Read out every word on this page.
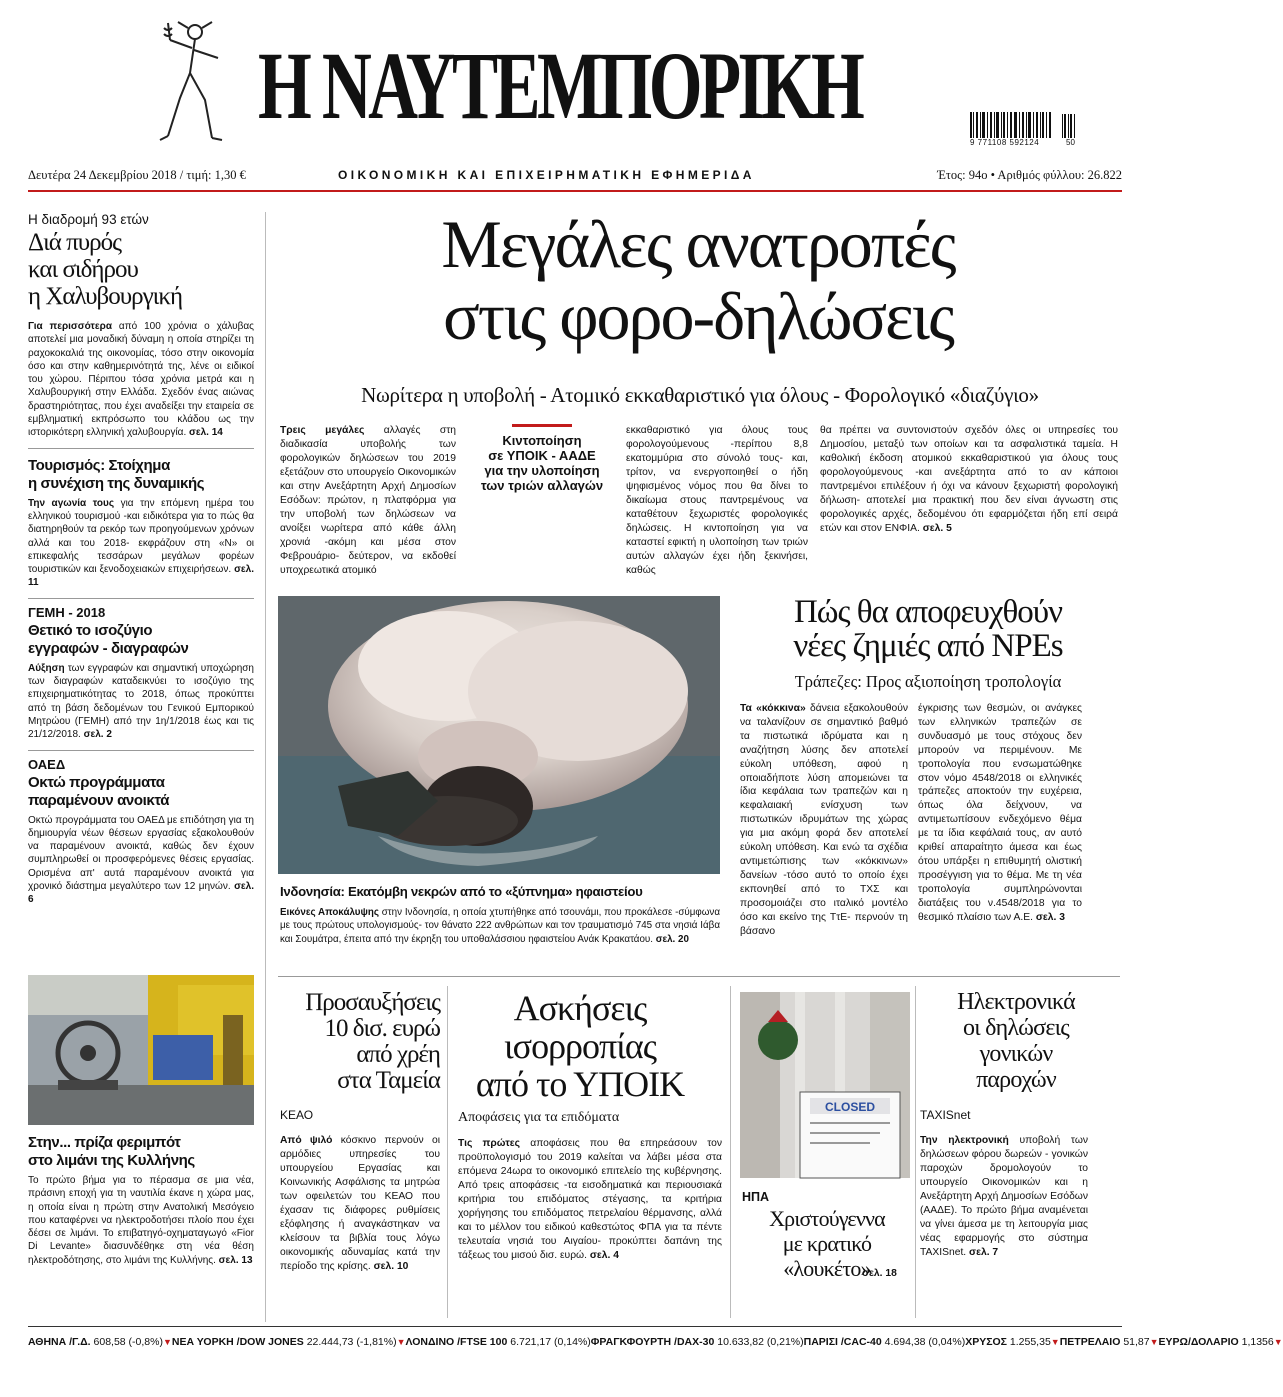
Η ΝΑΥΤΕΜΠΟΡΙΚΗ
9 771108 592124	50
Δευτέρα 24 Δεκεμβρίου 2018 / τιμή: 1,30 €	ΟΙΚΟΝΟΜΙΚΗ ΚΑΙ ΕΠΙΧΕΙΡΗΜΑΤΙΚΗ ΕΦΗΜΕΡΙΔΑ	Έτος: 94ο • Αριθμός φύλλου: 26.822
Η διαδρομή 93 ετών
Διά πυρός
και σιδήρου
η Χαλυβουργική
Για περισσότερα από 100 χρόνια ο χάλυβας αποτελεί μια μοναδική δύναμη η οποία στηρίζει τη ραχοκοκαλιά της οικονομίας, τόσο στην οικονομία όσο και στην καθημερινότητά της, λένε οι ειδικοί του χώρου. Πέριπου τόσα χρόνια μετρά και η Χαλυβουργική στην Ελλάδα. Σχεδόν ένας αιώνας δραστηριότητας, που έχει αναδείξει την εταιρεία σε εμβληματική εκπρόσωπο του κλάδου ως την ιστορικότερη ελληνική χαλυβουργία. σελ. 14
Τουρισμός: Στοίχημα
η συνέχιση της δυναμικής
Την αγωνία τους για την επόμενη ημέρα του ελληνικού τουρισμού -και ειδικότερα για το πώς θα διατηρηθούν τα ρεκόρ των προηγούμενων χρόνων αλλά και του 2018- εκφράζουν στη «Ν» οι επικεφαλής τεσσάρων μεγάλων φορέων τουριστικών και ξενοδοχειακών επιχειρήσεων. σελ. 11
ΓΕΜΗ - 2018
Θετικό το ισοζύγιο
εγγραφών - διαγραφών
Αύξηση των εγγραφών και σημαντική υποχώρηση των διαγραφών καταδεικνύει το ισοζύγιο της επιχειρηματικότητας το 2018, όπως προκύπτει από τη βάση δεδομένων του Γενικού Εμπορικού Μητρώου (ΓΕΜΗ) από την 1η/1/2018 έως και τις 21/12/2018. σελ. 2
ΟΑΕΔ
Οκτώ προγράμματα
παραμένουν ανοικτά
Οκτώ προγράμματα του ΟΑΕΔ με επιδότηση για τη δημιουργία νέων θέσεων εργασίας εξακολουθούν να παραμένουν ανοικτά, καθώς δεν έχουν συμπληρωθεί οι προσφερόμενες θέσεις εργασίας. Ορισμένα απ' αυτά παραμένουν ανοικτά για χρονικό διάστημα μεγαλύτερο των 12 μηνών. σελ. 6
Στην... πρίζα φεριμπότ
στο λιμάνι της Κυλλήνης
Το πρώτο βήμα για το πέρασμα σε μια νέα, πράσινη εποχή για τη ναυτιλία έκανε η χώρα μας, η οποία είναι η πρώτη στην Ανατολική Μεσόγειο που καταφέρνει να ηλεκτροδοτήσει πλοίο που έχει δέσει σε λιμάνι. Το επιβατηγό-οχηματαγωγό «Fior Di Levante» διασυνδέθηκε στη νέα θέση ηλεκτροδότησης, στο λιμάνι της Κυλλήνης. σελ. 13
Μεγάλες ανατροπές
στις φορο-δηλώσεις
Νωρίτερα η υποβολή - Ατομικό εκκαθαριστικό για όλους - Φορολογικό «διαζύγιο»
Τρεις μεγάλες αλλαγές στη διαδικασία υποβολής των φορολογικών δηλώσεων του 2019 εξετάζουν στο υπουργείο Οικονομικών και στην Ανεξάρτητη Αρχή Δημοσίων Εσόδων: πρώτον, η πλατφόρμα για την υποβολή των δηλώσεων να ανοίξει νωρίτερα από κάθε άλλη χρονιά -ακόμη και μέσα στον Φεβρουάριο- δεύτερον, να εκδοθεί υποχρεωτικά ατομικό
Κιντοποίηση
σε ΥΠΟΙΚ - ΑΑΔΕ
για την υλοποίηση
των τριών αλλαγών
εκκαθαριστικό για όλους τους φορολογούμενους -περίπου 8,8 εκατομμύρια στο σύνολό τους- και, τρίτον, να ενεργοποιηθεί ο ήδη ψηφισμένος νόμος που θα δίνει το δικαίωμα στους παντρεμένους να καταθέτουν ξεχωριστές φορολογικές δηλώσεις. Η κιντοποίηση για να καταστεί εφικτή η υλοποίηση των τριών αυτών αλλαγών έχει ήδη ξεκινήσει, καθώς
θα πρέπει να συντονιστούν σχεδόν όλες οι υπηρεσίες του Δημοσίου, μεταξύ των οποίων και τα ασφαλιστικά ταμεία. Η καθολική έκδοση ατομικού εκκαθαριστικού για όλους τους φορολογούμενους -και ανεξάρτητα από το αν κάποιοι παντρεμένοι επιλέξουν ή όχι να κάνουν ξεχωριστή φορολογική δήλωση- αποτελεί μια πρακτική που δεν είναι άγνωστη στις φορολογικές αρχές, δεδομένου ότι εφαρμόζεται ήδη επί σειρά ετών και στον ΕΝΦΙΑ. σελ. 5
Ινδονησία: Εκατόμβη νεκρών από το «ξύπνημα» ηφαιστείου
Εικόνες Αποκάλυψης στην Ινδονησία, η οποία χτυπήθηκε από τσουνάμι, που προκάλεσε -σύμφωνα με τους πρώτους υπολογισμούς- τον θάνατο 222 ανθρώπων και τον τραυματισμό 745 στα νησιά Ιάβα και Σουμάτρα, έπειτα από την έκρηξη του υποθαλάσσιου ηφαιστείου Ανάκ Κρακατάου. σελ. 20
Πώς θα αποφευχθούν
νέες ζημιές από NPEs
Τράπεζες: Προς αξιοποίηση τροπολογία
Τα «κόκκινα» δάνεια εξακολουθούν να ταλανίζουν σε σημαντικό βαθμό τα πιστωτικά ιδρύματα και η αναζήτηση λύσης δεν αποτελεί εύκολη υπόθεση, αφού η οποιαδήποτε λύση απομειώνει τα ίδια κεφάλαια των τραπεζών και η κεφαλαιακή ενίσχυση των πιστωτικών ιδρυμάτων της χώρας για μια ακόμη φορά δεν αποτελεί εύκολη υπόθεση. Και ενώ τα σχέδια αντιμετώπισης των «κόκκινων» δανείων -τόσο αυτό το οποίο έχει εκπονηθεί από το ΤΧΣ και προσομοιάζει στο ιταλικό μοντέλο όσο και εκείνο της ΤτΕ- περνούν τη βάσανο
έγκρισης των θεσμών, οι ανάγκες των ελληνικών τραπεζών σε συνδυασμό με τους στόχους δεν μπορούν να περιμένουν. Με τροπολογία που ενσωματώθηκε στον νόμο 4548/2018 οι ελληνικές τράπεζες αποκτούν την ευχέρεια, όπως όλα δείχνουν, να αντιμετωπίσουν ενδεχόμενο θέμα με τα ίδια κεφάλαιά τους, αν αυτό κριθεί απαραίτητο άμεσα και έως ότου υπάρξει η επιθυμητή ολιστική προσέγγιση για το θέμα. Με τη νέα τροπολογία συμπληρώνονται διατάξεις του ν.4548/2018 για το θεσμικό πλαίσιο των Α.Ε. σελ. 3
Προσαυξήσεις
10 δισ. ευρώ
από χρέη
στα Ταμεία
ΚΕΑΟ
Από ψιλό κόσκινο περνούν οι αρμόδιες υπηρεσίες του υπουργείου Εργασίας και Κοινωνικής Ασφάλισης τα μητρώα των οφειλετών του ΚΕΑΟ που έχασαν τις διάφορες ρυθμίσεις εξόφλησης ή αναγκάστηκαν να κλείσουν τα βιβλία τους λόγω οικονομικής αδυναμίας κατά την περίοδο της κρίσης. σελ. 10
Ασκήσεις
ισορροπίας
από το ΥΠΟΙΚ
Αποφάσεις για τα επιδόματα
Τις πρώτες αποφάσεις που θα επηρεάσουν τον προϋπολογισμό του 2019 καλείται να λάβει μέσα στα επόμενα 24ωρα το οικονομικό επιτελείο της κυβέρνησης. Από τρεις αποφάσεις -τα εισοδηματικά και περιουσιακά κριτήρια του επιδόματος στέγασης, τα κριτήρια χορήγησης του επιδόματος πετρελαίου θέρμανσης, αλλά και το μέλλον του ειδικού καθεστώτος ΦΠΑ για τα πέντε τελευταία νησιά του Αιγαίου- προκύπτει δαπάνη της τάξεως του μισού δισ. ευρώ. σελ. 4
CLOSED
ΗΠΑ
Χριστούγεννα
με κρατικό
«λουκέτο»
σελ. 18
Ηλεκτρονικά
οι δηλώσεις
γονικών
παροχών
TAXISnet
Την ηλεκτρονική υποβολή των δηλώσεων φόρου δωρεών - γονικών παροχών δρομολογούν το υπουργείο Οικονομικών και η Ανεξάρτητη Αρχή Δημοσίων Εσόδων (ΑΑΔΕ). Το πρώτο βήμα αναμένεται να γίνει άμεσα με τη λειτουργία μιας νέας εφαρμογής στο σύστημα TAXISnet. σελ. 7
ΑΘΗΝΑ /Γ.Δ. 608,58 (-0,8%)▼ ΝΕΑ ΥΟΡΚΗ /DOW JONES 22.444,73 (-1,81%)▼ ΛΟΝΔΙΝΟ /FTSE 100 6.721,17 (0,14%) ΦΡΑΓΚΦΟΥΡΤΗ /DAX-30 10.633,82 (0,21%) ΠΑΡΙΣΙ /CAC-40 4.694,38 (0,04%) ΧΡΥΣΟΣ 1.255,35▼ ΠΕΤΡΕΛΑΙΟ 51,87▼ ΕΥΡΩ/ΔΟΛΑΡΙΟ 1,1356▼
